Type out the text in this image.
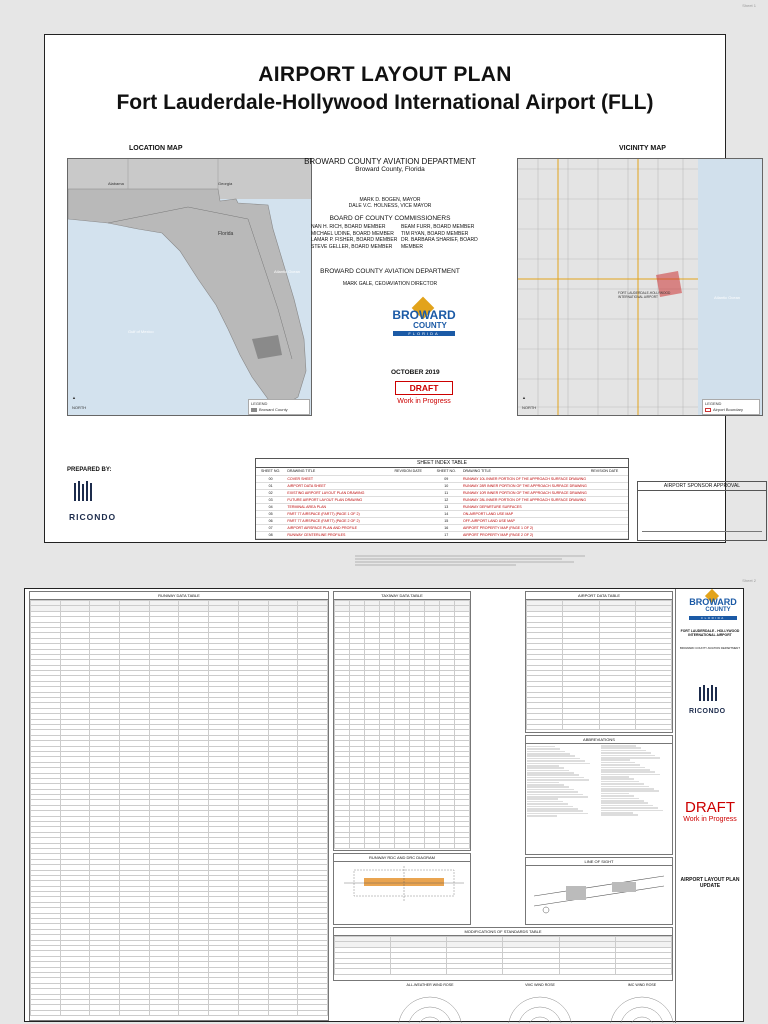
Sheet 1
AIRPORT LAYOUT PLAN
Fort Lauderdale-Hollywood International Airport (FLL)
LOCATION MAP
Alabama	Georgia
Florida
Atlantic Ocean
Gulf of Mexico
▲
NORTH
LEGEND
Broward County
BROWARD COUNTY AVIATION DEPARTMENT
Broward County, Florida
MARK D. BOGEN, MAYOR
DALE V.C. HOLNESS, VICE MAYOR
BOARD OF COUNTY COMMISSIONERS
NAN H. RICH, BOARD MEMBER
MICHAEL UDINE, BOARD MEMBER
LAMAR P. FISHER, BOARD MEMBER
STEVE GELLER, BOARD MEMBER
BEAM FURR, BOARD MEMBER
TIM RYAN, BOARD MEMBER
DR. BARBARA SHARIEF, BOARD MEMBER
BROWARD COUNTY AVIATION DEPARTMENT
MARK GALE, CEO/AVIATION DIRECTOR
BROWARD
COUNTY
FLORIDA
OCTOBER 2019
DRAFT
Work in Progress
VICINITY MAP
Atlantic Ocean
FORT LAUDERDALE-HOLLYWOOD INTERNATIONAL AIRPORT
▲
NORTH
LEGEND
Airport Boundary
SHEET INDEX TABLE
SHEET NO.	DRAWING TITLE	REVISION DATE	SHEET NO.	DRAWING TITLE	REVISION DATE
00	COVER SHEET		09	RUNWAY 10L INNER PORTION OF THE APPROACH SURFACE DRAWING	
01	AIRPORT DATA SHEET		10	RUNWAY 28R INNER PORTION OF THE APPROACH SURFACE DRAWING	
02	EXISTING AIRPORT LAYOUT PLAN DRAWING		11	RUNWAY 10R INNER PORTION OF THE APPROACH SURFACE DRAWING	
03	FUTURE AIRPORT LAYOUT PLAN DRAWING		12	RUNWAY 28L INNER PORTION OF THE APPROACH SURFACE DRAWING	
04	TERMINAL AREA PLAN		13	RUNWAY DEPARTURE SURFACES	
05	PART 77 AIRSPACE (FAR77) (PAGE 1 OF 2)		14	ON-AIRPORT LAND USE MAP	
06	PART 77 AIRSPACE (FAR77) (PAGE 2 OF 2)		15	OFF-AIRPORT LAND USE MAP	
07	AIRPORT AIRSPACE PLAN AND PROFILE		16	AIRPORT PROPERTY MAP (PAGE 1 OF 2)	
08	RUNWAY CENTERLINE PROFILES		17	AIRPORT PROPERTY MAP (PAGE 2 OF 2)	
PREPARED BY:
RICONDO
AIRPORT SPONSOR APPROVAL
Sheet 2
RUNWAY DATA TABLE

										TAXIWAY DATA TABLE

RUNWAY RDC AND DRC DIAGRAM
MODIFICATIONS OF STANDARDS TABLE

ALL-WEATHER WIND ROSE	VMC WIND ROSE	IMC WIND ROSE
AIRPORT DATA TABLE

ABBREVIATIONS
LINE OF SIGHT
BROWARD
COUNTY
FLORIDA
FORT LAUDERDALE - HOLLYWOOD INTERNATIONAL AIRPORT
BROWARD COUNTY AVIATION DEPARTMENT
RICONDO
DRAFT
Work in Progress
AIRPORT LAYOUT PLAN UPDATE
